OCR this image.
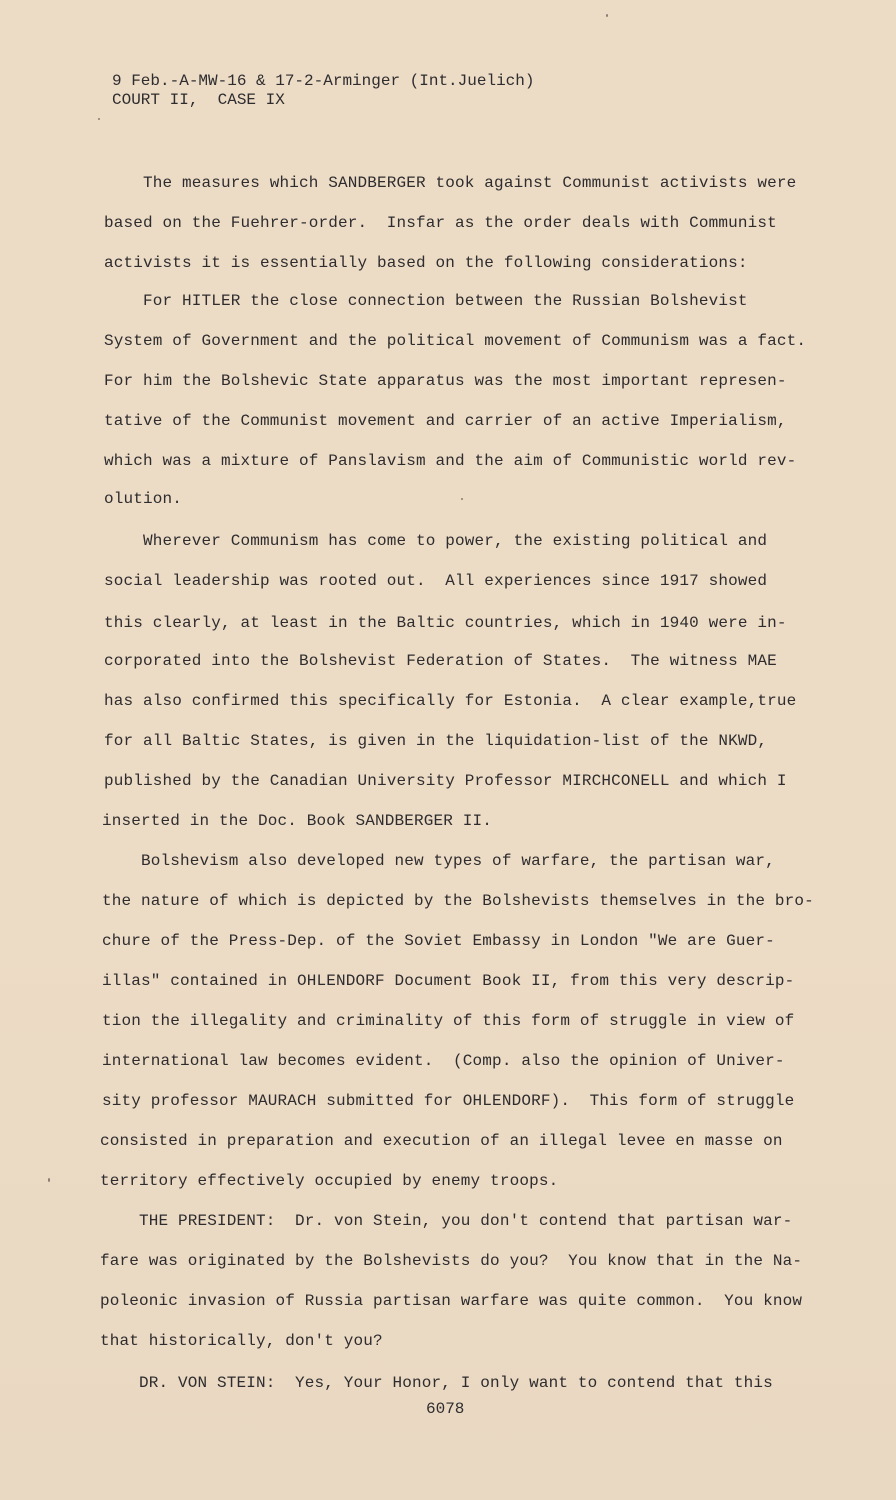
9 Feb.-A-MW-16 & 17-2-Arminger (Int.Juelich)
COURT II,  CASE IX
The measures which SANDBERGER took against Communist activists were
based on the Fuehrer-order.  Insfar as the order deals with Communist
activists it is essentially based on the following considerations:
For HITLER the close connection between the Russian Bolshevist
System of Government and the political movement of Communism was a fact.
For him the Bolshevic State apparatus was the most important represen-
tative of the Communist movement and carrier of an active Imperialism,
which was a mixture of Panslavism and the aim of Communistic world rev-
olution.
Wherever Communism has come to power, the existing political and
social leadership was rooted out.  All experiences since 1917 showed
this clearly, at least in the Baltic countries, which in 1940 were in-
corporated into the Bolshevist Federation of States.  The witness MAE
has also confirmed this specifically for Estonia.  A clear example,true
for all Baltic States, is given in the liquidation-list of the NKWD,
published by the Canadian University Professor MIRCHCONELL and which I
inserted in the Doc. Book SANDBERGER II.
Bolshevism also developed new types of warfare, the partisan war,
the nature of which is depicted by the Bolshevists themselves in the bro-
chure of the Press-Dep. of the Soviet Embassy in London "We are Guer-
illas" contained in OHLENDORF Document Book II, from this very descrip-
tion the illegality and criminality of this form of struggle in view of
international law becomes evident.  (Comp. also the opinion of Univer-
sity professor MAURACH submitted for OHLENDORF).  This form of struggle
consisted in preparation and execution of an illegal levee en masse on
territory effectively occupied by enemy troops.
THE PRESIDENT:  Dr. von Stein, you don't contend that partisan war-
fare was originated by the Bolshevists do you?  You know that in the Na-
poleonic invasion of Russia partisan warfare was quite common.  You know
that historically, don't you?
DR. VON STEIN:  Yes, Your Honor, I only want to contend that this
6078
